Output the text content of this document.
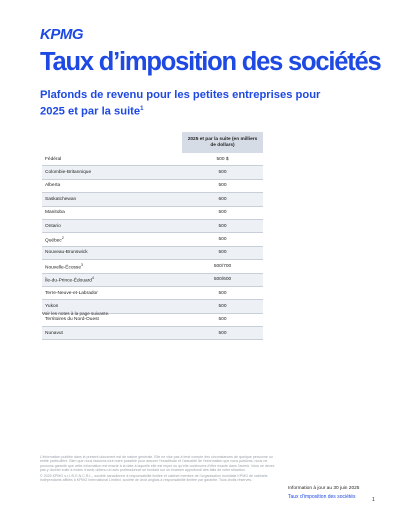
KPMG
Taux d’imposition des sociétés
Plafonds de revenu pour les petites entreprises pour 2025 et par la suite$^1$
	2025 et par la suite (en milliers de dollars)
Fédéral	500 $
Colombie-Britannique	500
Alberta	500
Saskatchewan	600
Manitoba	500
Ontario	500
Québec$^2$	500
Nouveau-Brunswick	500
Nouvelle-Écosse$^3$	500/700
Île-du-Prince-Édouard$^4$	500/600
Terre-Neuve-et-Labrador	500
Yukon	500
Territoires du Nord-Ouest	500
Nunavut	500
Voir les notes à la page suivante.

L’information publiée dans le présent document est de nature générale. Elle ne vise pas à tenir compte des circonstances de quelque personne ou entité particulière. Bien que nous fassions tout notre possible pour assurer l’exactitude et l’actualité de l’information que nous publions, nous ne pouvons garantir que cette information est exacte à la date à laquelle elle est reçue ou qu’elle continuera d’être exacte dans l’avenir. Vous ne devez pas y donner suite à moins d’avoir obtenu un avis professionnel se fondant sur un examen approfondi des faits de votre situation.

© 2025 KPMG s.r.l./S.E.N.C.R.L., société canadienne à responsabilité limitée et cabinet membre de l’organisation mondiale KPMG de cabinets indépendants affiliés à KPMG International Limited, société de droit anglais à responsabilité limitée par garantie. Tous droits réservés.

Information à jour au 30 juin 2025
Taux d’imposition des sociétés	1
